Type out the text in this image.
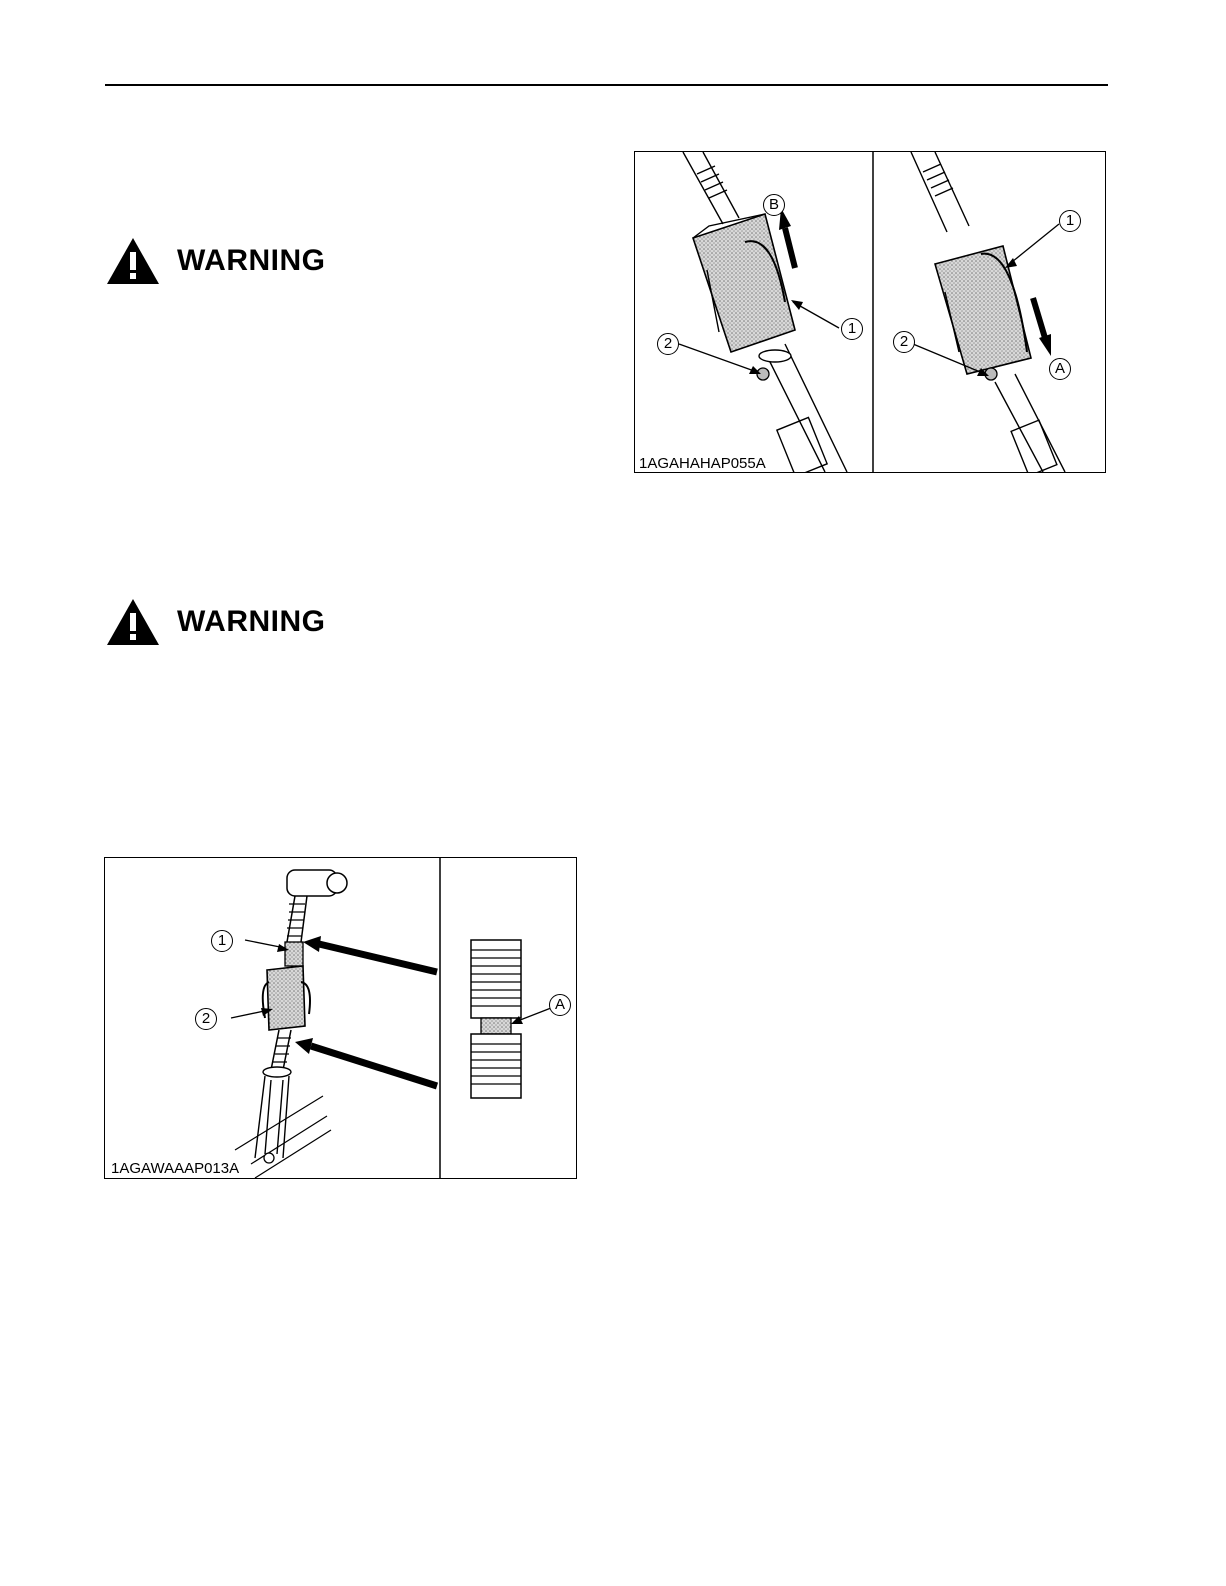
WARNING
WARNING
B
1
2
1
2
A
1AGAHAHAP055A
1
2
A
1AGAWAAAP013A
